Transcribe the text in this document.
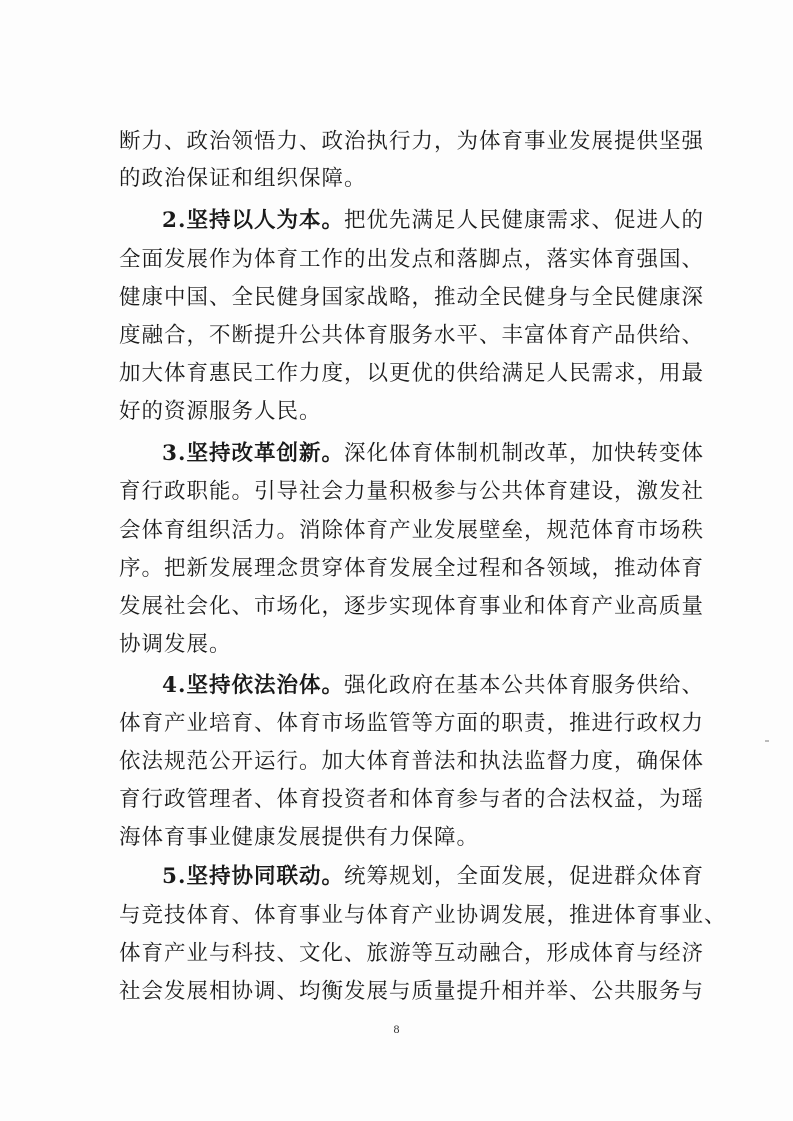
断力、政治领悟力、政治执行力，为体育事业发展提供坚强
的政治保证和组织保障。
2.坚持以人为本。把优先满足人民健康需求、促进人的
全面发展作为体育工作的出发点和落脚点，落实体育强国、
健康中国、全民健身国家战略，推动全民健身与全民健康深
度融合，不断提升公共体育服务水平、丰富体育产品供给、
加大体育惠民工作力度，以更优的供给满足人民需求，用最
好的资源服务人民。
3.坚持改革创新。深化体育体制机制改革，加快转变体
育行政职能。引导社会力量积极参与公共体育建设，激发社
会体育组织活力。消除体育产业发展壁垒，规范体育市场秩
序。把新发展理念贯穿体育发展全过程和各领域，推动体育
发展社会化、市场化，逐步实现体育事业和体育产业高质量
协调发展。
4.坚持依法治体。强化政府在基本公共体育服务供给、
体育产业培育、体育市场监管等方面的职责，推进行政权力
依法规范公开运行。加大体育普法和执法监督力度，确保体
育行政管理者、体育投资者和体育参与者的合法权益，为瑶
海体育事业健康发展提供有力保障。
5.坚持协同联动。统筹规划，全面发展，促进群众体育
与竞技体育、体育事业与体育产业协调发展，推进体育事业、
体育产业与科技、文化、旅游等互动融合，形成体育与经济
社会发展相协调、均衡发展与质量提升相并举、公共服务与
8
